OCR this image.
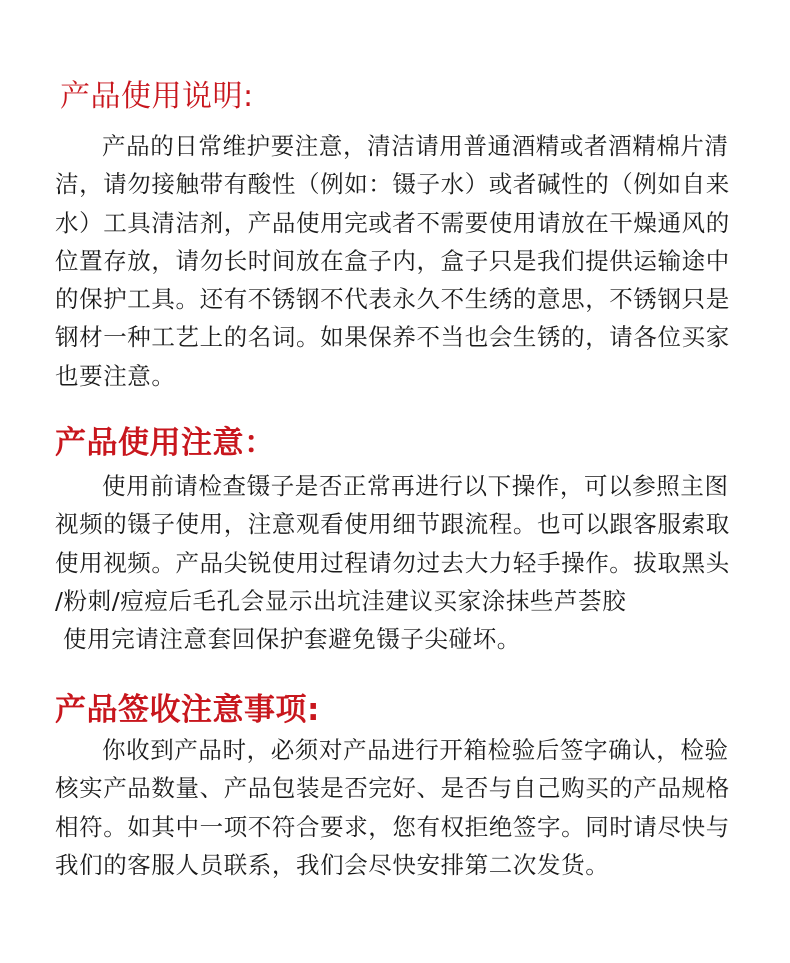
产品使用说明:
产品的日常维护要注意，清洁请用普通酒精或者酒精棉片清
洁，请勿接触带有酸性（例如：镊子水）或者碱性的（例如自来
水）工具清洁剂，产品使用完或者不需要使用请放在干燥通风的
位置存放，请勿长时间放在盒子内，盒子只是我们提供运输途中
的保护工具。还有不锈钢不代表永久不生绣的意思，不锈钢只是
钢材一种工艺上的名词。如果保养不当也会生锈的，请各位买家
也要注意。
产品使用注意：
使用前请检查镊子是否正常再进行以下操作，可以参照主图
视频的镊子使用，注意观看使用细节跟流程。也可以跟客服索取
使用视频。产品尖锐使用过程请勿过去大力轻手操作。拔取黑头
/粉刺/痘痘后毛孔会显示出坑洼建议买家涂抹些芦荟胶
使用完请注意套回保护套避免镊子尖碰坏。
产品签收注意事项:
你收到产品时，必须对产品进行开箱检验后签字确认，检验
核实产品数量、产品包装是否完好、是否与自己购买的产品规格
相符。如其中一项不符合要求，您有权拒绝签字。同时请尽快与
我们的客服人员联系，我们会尽快安排第二次发货。
